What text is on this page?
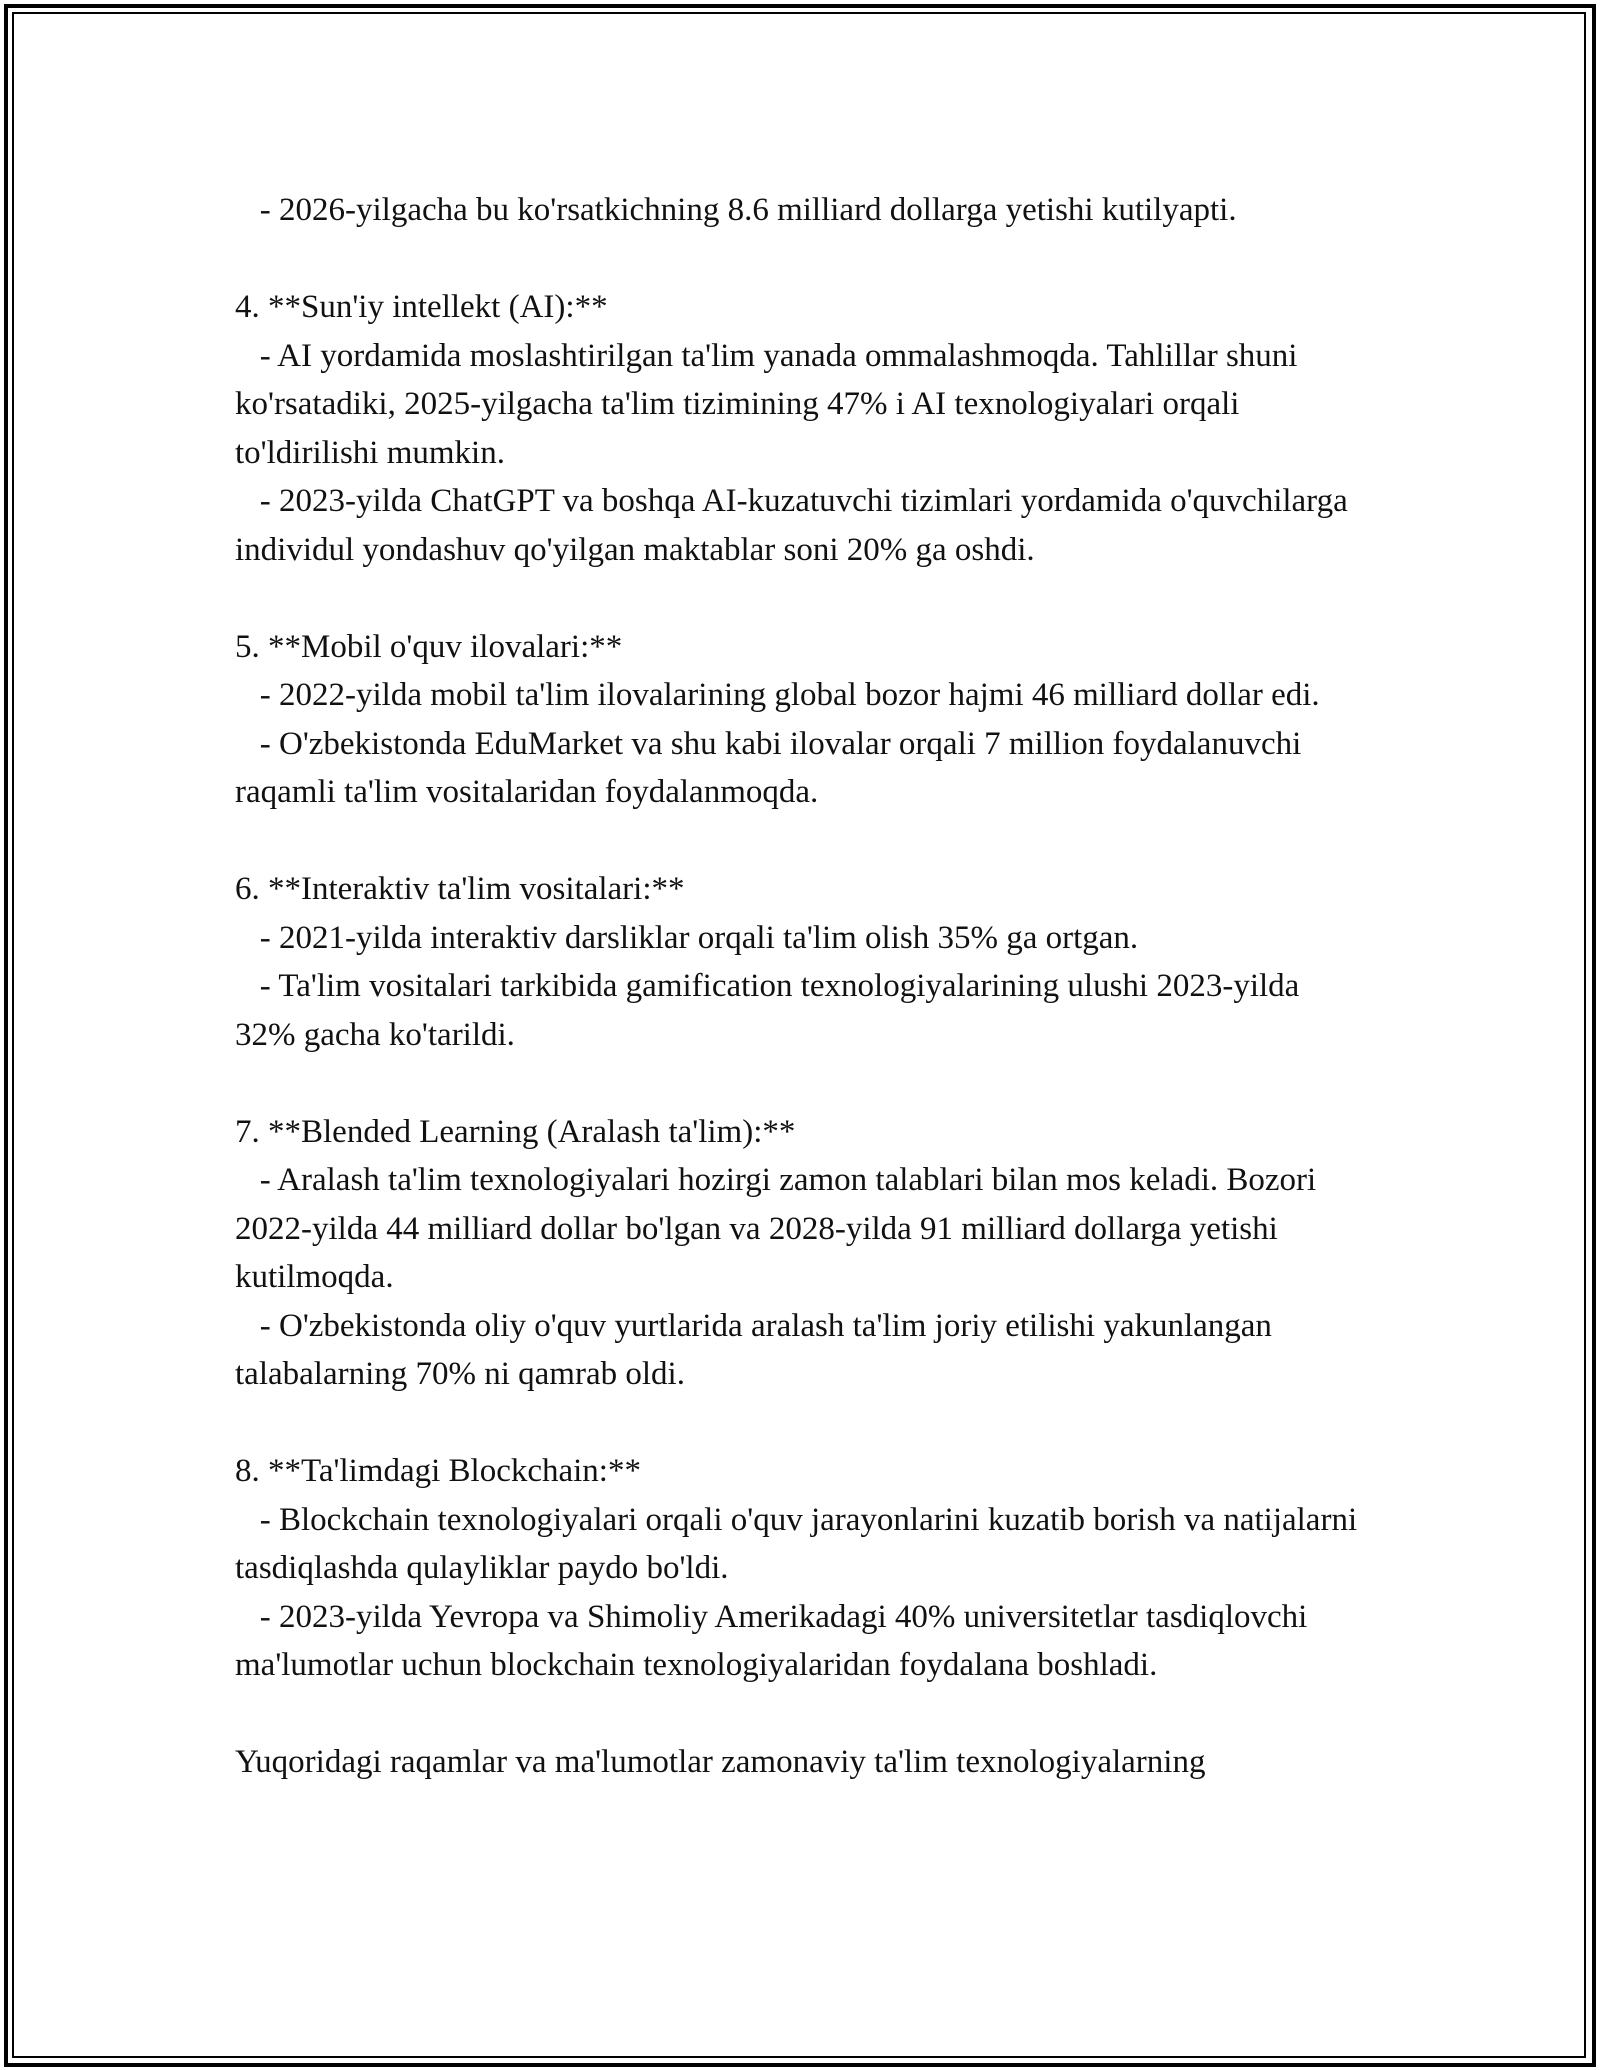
- 2026-yilgacha bu ko'rsatkichning 8.6 milliard dollarga yetishi kutilyapti.

4. **Sun'iy intellekt (AI):**

- AI yordamida moslashtirilgan ta'lim yanada ommalashmoqda. Tahlillar shuni ko'rsatadiki, 2025-yilgacha ta'lim tizimining 47% i AI texnologiyalari orqali to'ldirilishi mumkin.

- 2023-yilda ChatGPT va boshqa AI-kuzatuvchi tizimlari yordamida o'quvchilarga individul yondashuv qo'yilgan maktablar soni 20% ga oshdi.

5. **Mobil o'quv ilovalari:**

- 2022-yilda mobil ta'lim ilovalarining global bozor hajmi 46 milliard dollar edi.

- O'zbekistonda EduMarket va shu kabi ilovalar orqali 7 million foydalanuvchi raqamli ta'lim vositalaridan foydalanmoqda.

6. **Interaktiv ta'lim vositalari:**

- 2021-yilda interaktiv darsliklar orqali ta'lim olish 35% ga ortgan.

- Ta'lim vositalari tarkibida gamification texnologiyalarining ulushi 2023-yilda 32% gacha ko'tarildi.

7. **Blended Learning (Aralash ta'lim):**

- Aralash ta'lim texnologiyalari hozirgi zamon talablari bilan mos keladi. Bozori 2022-yilda 44 milliard dollar bo'lgan va 2028-yilda 91 milliard dollarga yetishi kutilmoqda.

- O'zbekistonda oliy o'quv yurtlarida aralash ta'lim joriy etilishi yakunlangan talabalarning 70% ni qamrab oldi.

8. **Ta'limdagi Blockchain:**

- Blockchain texnologiyalari orqali o'quv jarayonlarini kuzatib borish va natijalarni tasdiqlashda qulayliklar paydo bo'ldi.

- 2023-yilda Yevropa va Shimoliy Amerikadagi 40% universitetlar tasdiqlovchi ma'lumotlar uchun blockchain texnologiyalaridan foydalana boshladi.

Yuqoridagi raqamlar va ma'lumotlar zamonaviy ta'lim texnologiyalarning
